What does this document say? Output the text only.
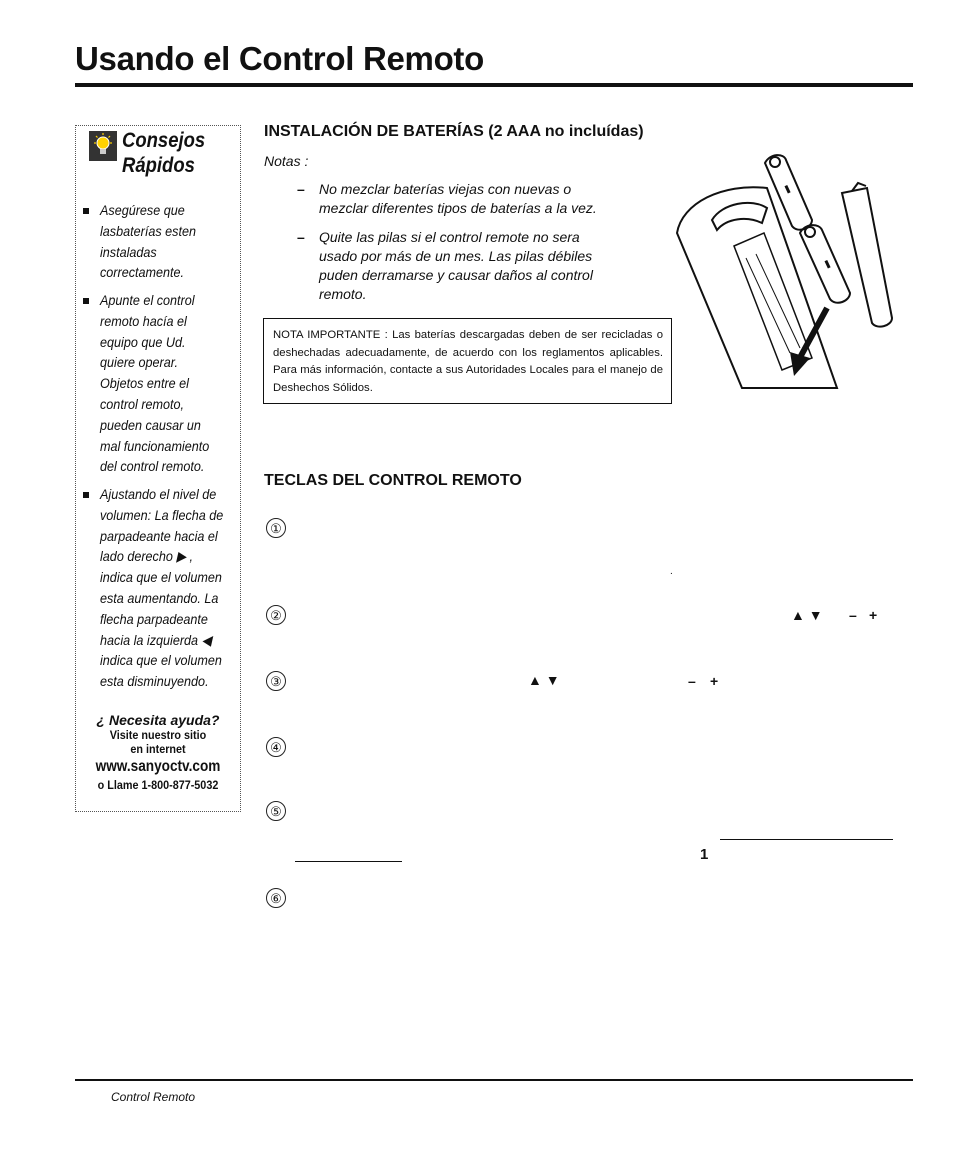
Usando el Control Remoto
Consejos
Rápidos
Asegúrese que
lasbaterías esten
instaladas
correctamente.
Apunte el control
remoto hacía el
equipo que Ud.
quiere operar.
Objetos entre el
control remoto,
pueden causar un
mal funcionamiento
del control remoto.
Ajustando el nivel de
volumen: La flecha de
parpadeante hacia el
lado derecho ▶ ,
indica que el volumen
esta aumentando. La
flecha parpadeante
hacia la izquierda ◀
indica que el volumen
esta disminuyendo.
¿ Necesita ayuda?
Visite nuestro sitio
en internet
www.sanyoctv.com
o Llame 1-800-877-5032
INSTALACIÓN DE BATERÍAS (2 AAA no incluídas)
Notas :
– No mezclar baterías viejas con nuevas o
mezclar diferentes tipos de baterías a la vez.
– Quite las pilas si el control remote no sera
usado por más de un mes. Las pilas débiles
puden derramarse y causar daños al control
remoto.
NOTA IMPORTANTE : Las baterías descargadas deben de ser recicladas o deshechadas adecuadamente, de acuerdo con los reglamentos aplicables. Para más información, contacte a sus Autoridades Locales para el manejo de Deshechos Sólidos.
TECLAS DEL CONTROL REMOTO
①
.
②	▲ ▼ – +
③	▲ ▼	– +
④
⑤
1
⑥
Control Remoto
